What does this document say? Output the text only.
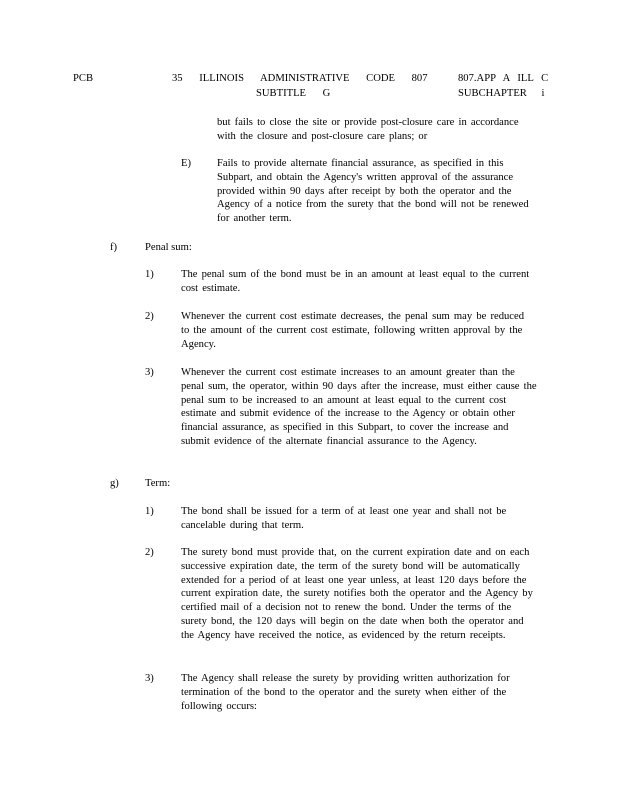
PCB	35 ILLINOIS ADMINISTRATIVE CODE 807	807.APP A ILL C
SUBTITLE G	SUBCHAPTER i
but fails to close the site or provide post-closure care in accordance with the closure and post-closure care plans; or
E) Fails to provide alternate financial assurance, as specified in this Subpart, and obtain the Agency's written approval of the assurance provided within 90 days after receipt by both the operator and the Agency of a notice from the surety that the bond will not be renewed for another term.
f)	Penal sum:
1)	The penal sum of the bond must be in an amount at least equal to the current cost estimate.
2)	Whenever the current cost estimate decreases, the penal sum may be reduced to the amount of the current cost estimate, following written approval by the Agency.
3)	Whenever the current cost estimate increases to an amount greater than the penal sum, the operator, within 90 days after the increase, must either cause the penal sum to be increased to an amount at least equal to the current cost estimate and submit evidence of the increase to the Agency or obtain other financial assurance, as specified in this Subpart, to cover the increase and submit evidence of the alternate financial assurance to the Agency.
g) Term:
1)	The bond shall be issued for a term of at least one year and shall not be cancelable during that term.
2)	The surety bond must provide that, on the current expiration date and on each successive expiration date, the term of the surety bond will be automatically extended for a period of at least one year unless, at least 120 days before the current expiration date, the surety notifies both the operator and the Agency by certified mail of a decision not to renew the bond. Under the terms of the surety bond, the 120 days will begin on the date when both the operator and the Agency have received the notice, as evidenced by the return receipts.
3)	The Agency shall release the surety by providing written authorization for termination of the bond to the operator and the surety when either of the following occurs:
